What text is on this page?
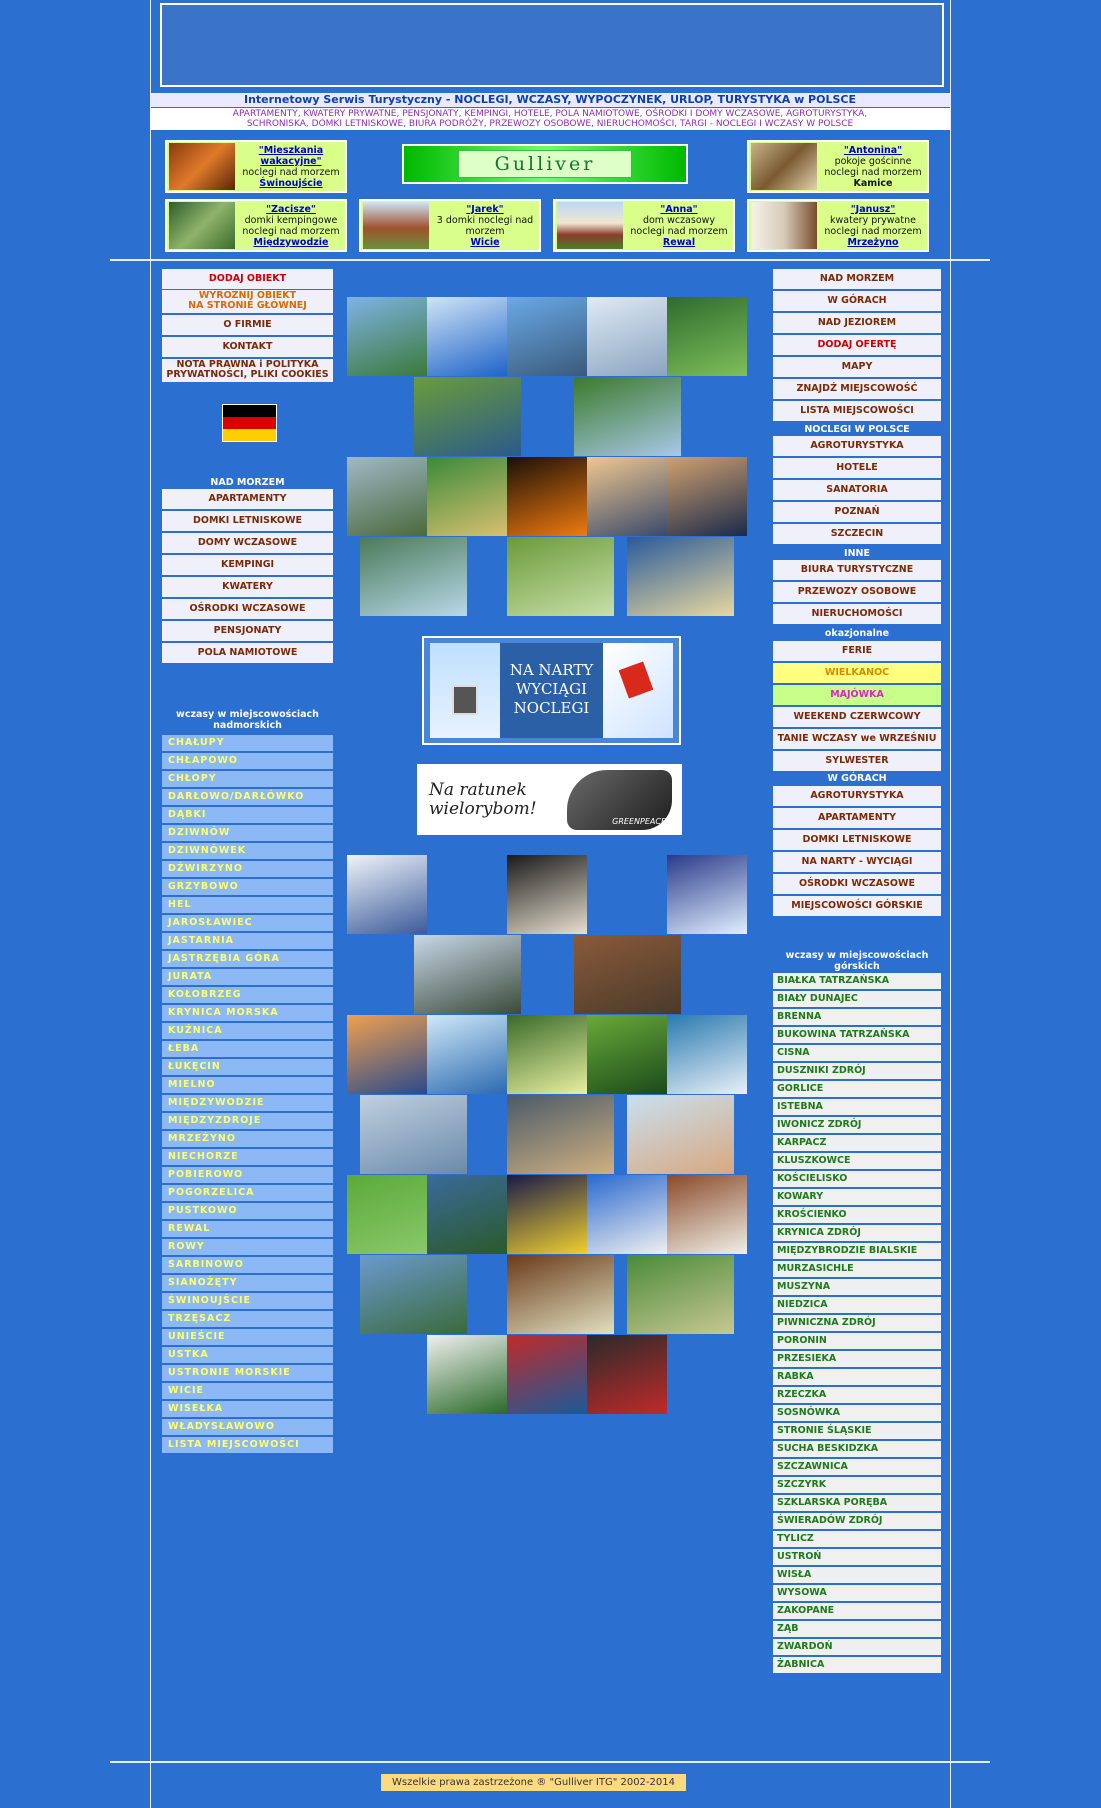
Internetowy Serwis Turystyczny - NOCLEGI, WCZASY, WYPOCZYNEK, URLOP, TURYSTYKA w POLSCE
APARTAMENTY, KWATERY PRYWATNE, PENSJONATY, KEMPINGI, HOTELE, POLA NAMIOTOWE, OŚRODKI I DOMY WCZASOWE, AGROTURYSTYKA,
SCHRONISKA, DOMKI LETNISKOWE, BIURA PODRÓŻY, PRZEWOZY OSOBOWE, NIERUCHOMOŚCI, TARGI - NOCLEGI I WCZASY W POLSCE
"Mieszkania wakacyjne"
noclegi nad morzem
Świnoujście
"Antonina"
pokoje gościnne noclegi nad morzem
Kamice
Gulliver
"Zacisze"
domki kempingowe noclegi nad morzem
Międzywodzie
"Jarek"
3 domki noclegi nad morzem
Wicie
"Anna"
dom wczasowy noclegi nad morzem
Rewal
"Janusz"
kwatery prywatne noclegi nad morzem
Mrzeżyno
DODAJ OBIEKT
WYRÓŻNIJ OBIEKT
NA STRONIE GŁÓWNEJ
O FIRMIE
KONTAKT
NOTA PRAWNA i POLITYKA
PRYWATNOŚCI, PLIKI COOKIES
NAD MORZEM
wczasy w miejscowościach
nadmorskich
NOCLEGI W POLSCE
INNE
okazjonalne
W GÓRACH
wczasy w miejscowościach
górskich
NA NARTY
WYCIĄGI
NOCLEGI
Na ratunek wielorybom!
GREENPEACE
Wszelkie prawa zastrzeżone ® "Gulliver ITG" 2002-2014
APARTAMENTY
DOMKI LETNISKOWE
DOMY WCZASOWE
KEMPINGI
KWATERY
OŚRODKI WCZASOWE
PENSJONATY
POLA NAMIOTOWE
CHAŁUPY
CHŁAPOWO
CHŁOPY
DARŁOWO/DARŁÓWKO
DĄBKI
DZIWNÓW
DZIWNÓWEK
DŹWIRZYNO
GRZYBOWO
HEL
JAROSŁAWIEC
JASTARNIA
JASTRZĘBIA GÓRA
JURATA
KOŁOBRZEG
KRYNICA MORSKA
KUŹNICA
ŁEBA
ŁUKĘCIN
MIELNO
MIĘDZYWODZIE
MIĘDZYZDROJE
MRZEŻYNO
NIECHORZE
POBIEROWO
POGORZELICA
PUSTKOWO
REWAL
ROWY
SARBINOWO
SIANOŻĘTY
ŚWINOUJŚCIE
TRZĘSACZ
UNIEŚCIE
USTKA
USTRONIE MORSKIE
WICIE
WISEŁKA
WŁADYSŁAWOWO
LISTA MIEJSCOWOŚCI
NAD MORZEM
W GÓRACH
NAD JEZIOREM
DODAJ OFERTĘ
MAPY
ZNAJDŹ MIEJSCOWOŚĆ
LISTA MIEJSCOWOŚCI
AGROTURYSTYKA
HOTELE
SANATORIA
POZNAŃ
SZCZECIN
BIURA TURYSTYCZNE
PRZEWOZY OSOBOWE
NIERUCHOMOŚCI
FERIE
WIELKANOC
MAJÓWKA
WEEKEND CZERWCOWY
TANIE WCZASY we WRZEŚNIU
SYLWESTER
AGROTURYSTYKA
APARTAMENTY
DOMKI LETNISKOWE
NA NARTY - WYCIĄGI
OŚRODKI WCZASOWE
MIEJSCOWOŚCI GÓRSKIE
BIAŁKA TATRZAŃSKA
BIAŁY DUNAJEC
BRENNA
BUKOWINA TATRZAŃSKA
CISNA
DUSZNIKI ZDRÓJ
GORLICE
ISTEBNA
IWONICZ ZDRÓJ
KARPACZ
KLUSZKOWCE
KOŚCIELISKO
KOWARY
KROŚCIENKO
KRYNICA ZDRÓJ
MIĘDZYBRODZIE BIALSKIE
MURZASICHLE
MUSZYNA
NIEDZICA
PIWNICZNA ZDRÓJ
PORONIN
PRZESIEKA
RABKA
RZECZKA
SOSNÓWKA
STRONIE ŚLĄSKIE
SUCHA BESKIDZKA
SZCZAWNICA
SZCZYRK
SZKLARSKA PORĘBA
ŚWIERADÓW ZDRÓJ
TYLICZ
USTROŃ
WISŁA
WYSOWA
ZAKOPANE
ZĄB
ZWARDOŃ
ŻABNICA
